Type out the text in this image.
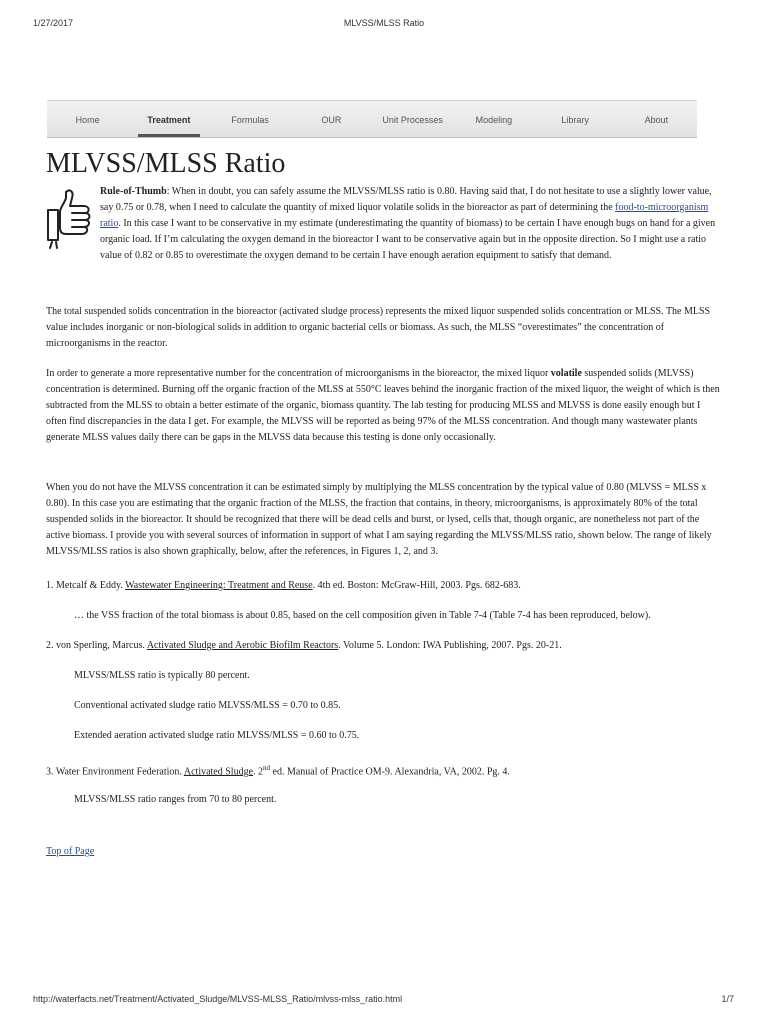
1/27/2017	MLVSS/MLSS Ratio
Home	Treatment	Formulas	OUR	Unit Processes	Modeling	Library	About
MLVSS/MLSS Ratio
Rule-of-Thumb: When in doubt, you can safely assume the MLVSS/MLSS ratio is 0.80. Having said that, I do not hesitate to use a slightly lower value, say 0.75 or 0.78, when I need to calculate the quantity of mixed liquor volatile solids in the bioreactor as part of determining the food-to-microorganism ratio. In this case I want to be conservative in my estimate (underestimating the quantity of biomass) to be certain I have enough bugs on hand for a given organic load. If I’m calculating the oxygen demand in the bioreactor I want to be conservative again but in the opposite direction. So I might use a ratio value of 0.82 or 0.85 to overestimate the oxygen demand to be certain I have enough aeration equipment to satisfy that demand.

The total suspended solids concentration in the bioreactor (activated sludge process) represents the mixed liquor suspended solids concentration or MLSS. The MLSS value includes inorganic or non-biological solids in addition to organic bacterial cells or biomass. As such, the MLSS “overestimates” the concentration of microorganisms in the reactor.

In order to generate a more representative number for the concentration of microorganisms in the bioreactor, the mixed liquor volatile suspended solids (MLVSS) concentration is determined. Burning off the organic fraction of the MLSS at 550°C leaves behind the inorganic fraction of the mixed liquor, the weight of which is then subtracted from the MLSS to obtain a better estimate of the organic, biomass quantity. The lab testing for producing MLSS and MLVSS is done easily enough but I often find discrepancies in the data I get. For example, the MLVSS will be reported as being 97% of the MLSS concentration. And though many wastewater plants generate MLSS values daily there can be gaps in the MLVSS data because this testing is done only occasionally.

When you do not have the MLVSS concentration it can be estimated simply by multiplying the MLSS concentration by the typical value of 0.80 (MLVSS = MLSS x 0.80). In this case you are estimating that the organic fraction of the MLSS, the fraction that contains, in theory, microorganisms, is approximately 80% of the total suspended solids in the bioreactor. It should be recognized that there will be dead cells and burst, or lysed, cells that, though organic, are nonetheless not part of the active biomass. I provide you with several sources of information in support of what I am saying regarding the MLVSS/MLSS ratio, shown below. The range of likely MLVSS/MLSS ratios is also shown graphically, below, after the references, in Figures 1, 2, and 3.

1. Metcalf & Eddy. Wastewater Engineering: Treatment and Reuse. 4th ed. Boston: McGraw-Hill, 2003. Pgs. 682-683.

… the VSS fraction of the total biomass is about 0.85, based on the cell composition given in Table 7-4 (Table 7-4 has been reproduced, below).

2. von Sperling, Marcus. Activated Sludge and Aerobic Biofilm Reactors. Volume 5. London: IWA Publishing, 2007. Pgs. 20-21.

MLVSS/MLSS ratio is typically 80 percent.

Conventional activated sludge ratio MLVSS/MLSS = 0.70 to 0.85.

Extended aeration activated sludge ratio MLVSS/MLSS = 0.60 to 0.75.

3. Water Environment Federation. Activated Sludge. 2nd ed. Manual of Practice OM-9. Alexandria, VA, 2002. Pg. 4.

MLVSS/MLSS ratio ranges from 70 to 80 percent.

Top of Page
http://waterfacts.net/Treatment/Activated_Sludge/MLVSS-MLSS_Ratio/mlvss-mlss_ratio.html	1/7
